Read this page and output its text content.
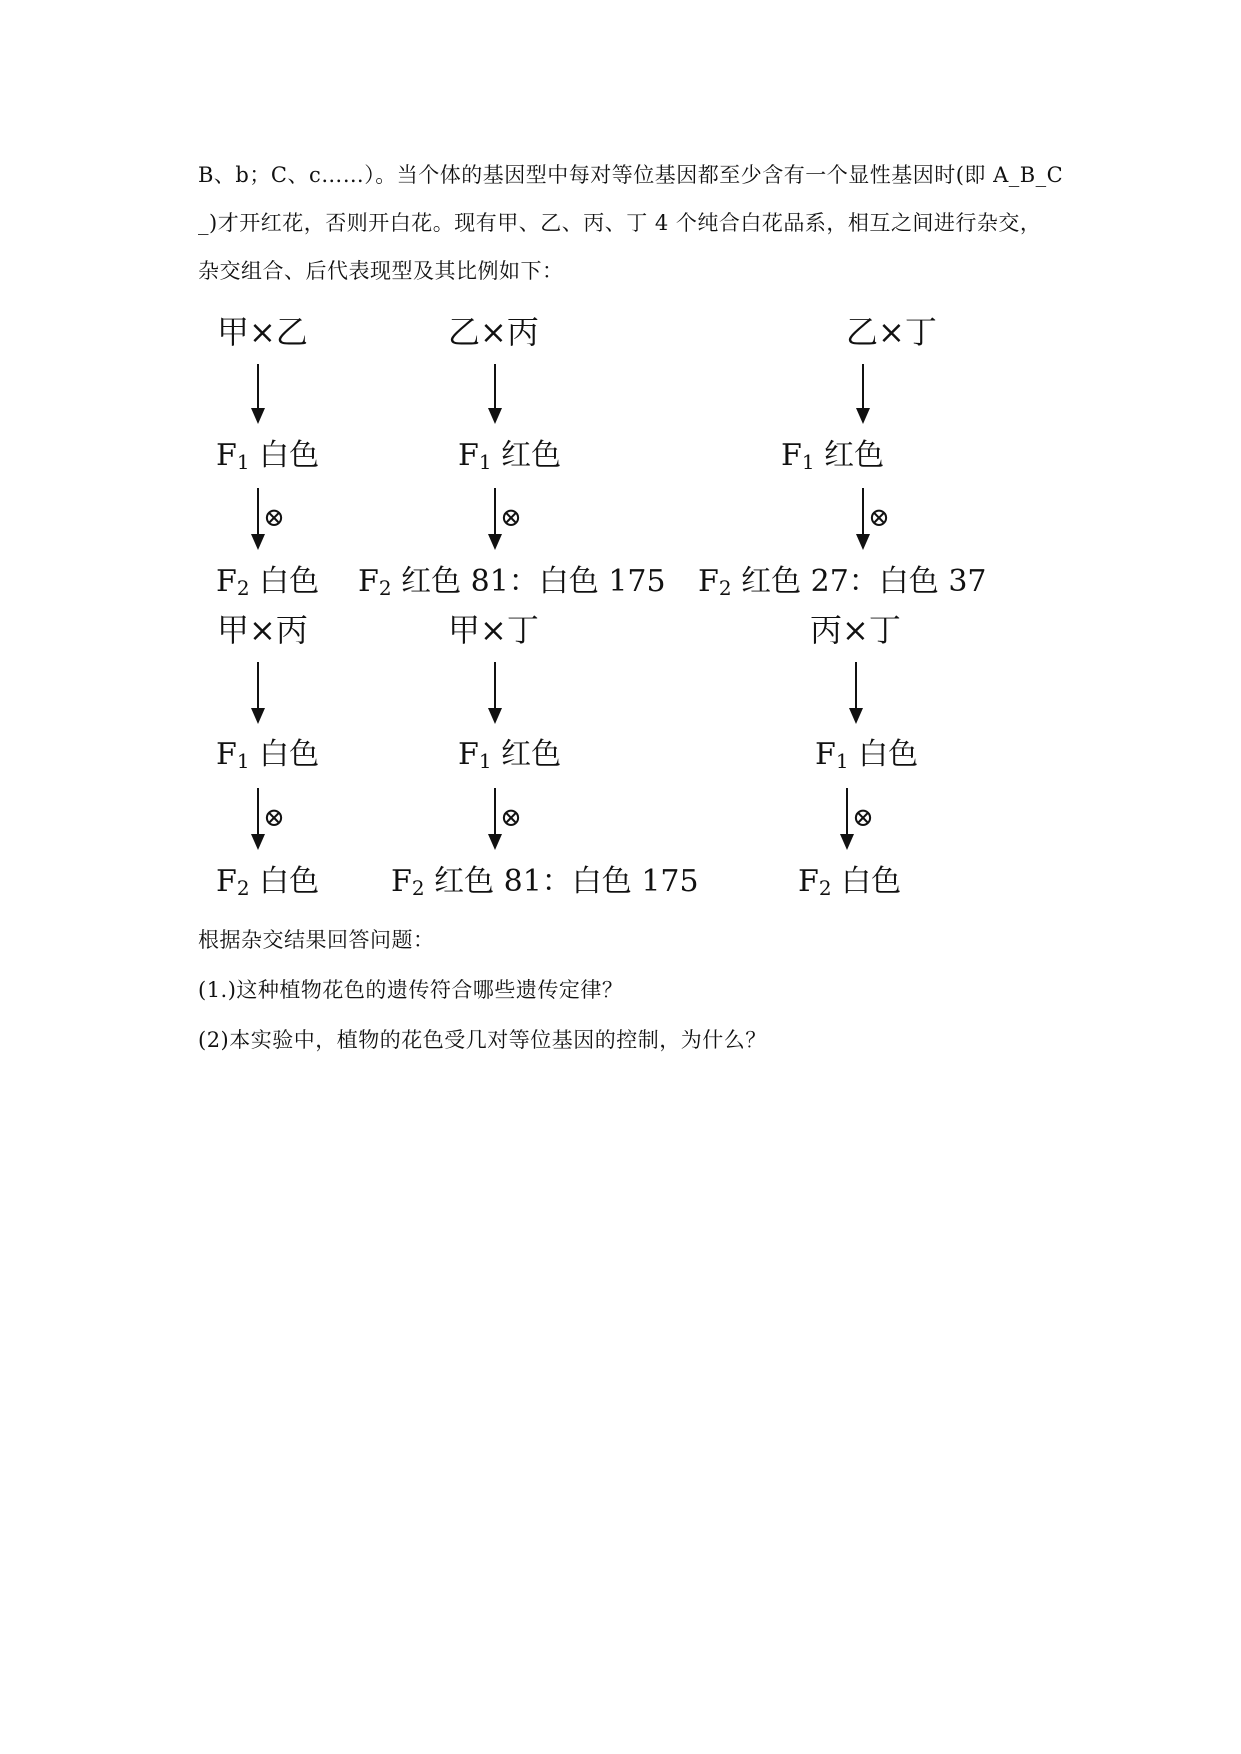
B、b；C、c……）。当个体的基因型中每对等位基因都至少含有一个显性基因时(即 A_B_C
_)才开红花，否则开白花。现有甲、乙、丙、丁 4 个纯合白花品系，相互之间进行杂交，
杂交组合、后代表现型及其比例如下：
甲×乙
$F_1$ 白色
⊗
$F_2$ 白色
乙×丙
$F_1$ 红色
⊗
$F_2$ 红色 81：白色 175
乙×丁
$F_1$ 红色
⊗
$F_2$ 红色 27：白色 37
甲×丙
$F_1$ 白色
⊗
$F_2$ 白色
甲×丁
$F_1$ 红色
⊗
$F_2$ 红色 81：白色 175
丙×丁
$F_1$ 白色
⊗
$F_2$ 白色
根据杂交结果回答问题：
(1.)这种植物花色的遗传符合哪些遗传定律？
(2)本实验中，植物的花色受几对等位基因的控制，为什么？
